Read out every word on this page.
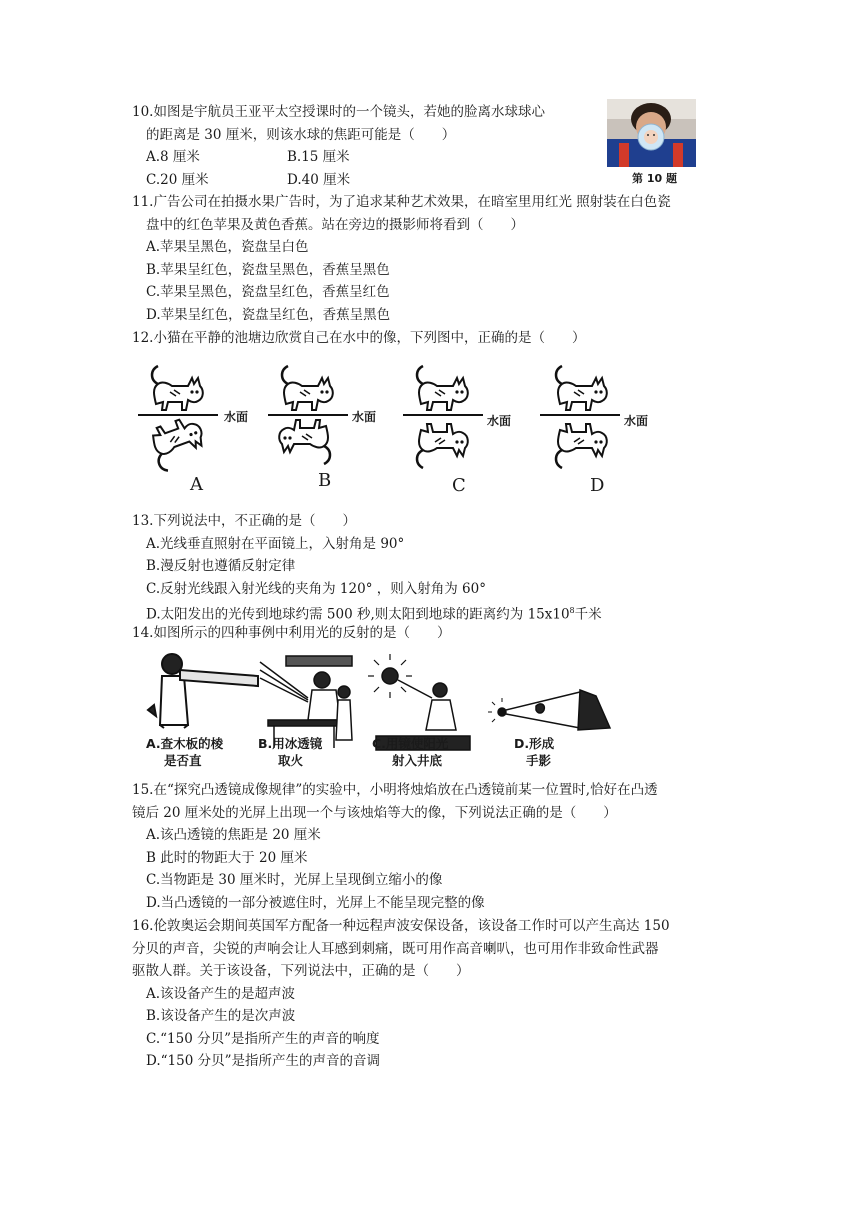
10.如图是宇航员王亚平太空授课时的一个镜头，若她的脸离水球球心
的距离是 30 厘米，则该水球的焦距可能是（　　）
A.8 厘米	B.15 厘米
C.20 厘米	D.40 厘米	第 10 题
11.广告公司在拍摄水果广告时，为了追求某种艺术效果，在暗室里用红光 照射装在白色瓷
盘中的红色苹果及黄色香蕉。站在旁边的摄影师将看到（　　）
A.苹果呈黑色，瓷盘呈白色
B.苹果呈红色，瓷盘呈黑色，香蕉呈黑色
C.苹果呈黑色，瓷盘呈红色，香蕉呈红色
D.苹果呈红色，瓷盘呈红色，香蕉呈黑色
12.小猫在平静的池塘边欣赏自己在水中的像，下列图中，正确的是（　　）
水面	水面	水面	水面
A	B	C	D
13.下列说法中，不正确的是（　　）
A.光线垂直照射在平面镜上，入射角是 90°
B.漫反射也遵循反射定律
C.反射光线跟入射光线的夹角为 120° ，则入射角为 60°
D.太阳发出的光传到地球约需 500 秒,则太阳到地球的距离约为 $15x10^8$千米
14.如图所示的四种事例中利用光的反射的是（　　）
A.查木板的棱
是否直
B.用冰透镜
取火
C.用镜使阳光
射入井底
D.形成
手影
15.在“探究凸透镜成像规律”的实验中，小明将烛焰放在凸透镜前某一位置时,恰好在凸透
镜后 20 厘米处的光屏上出现一个与该烛焰等大的像，下列说法正确的是（　　）
A.该凸透镜的焦距是 20 厘米
B 此时的物距大于 20 厘米
C.当物距是 30 厘米时，光屏上呈现倒立缩小的像
D.当凸透镜的一部分被遮住时，光屏上不能呈现完整的像
16.伦敦奥运会期间英国军方配备一种远程声波安保设备，该设备工作时可以产生高达 150
分贝的声音，尖锐的声响会让人耳感到刺痛，既可用作高音喇叭，也可用作非致命性武器
驱散人群。关于该设备，下列说法中，正确的是（　　）
A.该设备产生的是超声波
B.该设备产生的是次声波
C.“150 分贝”是指所产生的声音的响度
D.“150 分贝”是指所产生的声音的音调
